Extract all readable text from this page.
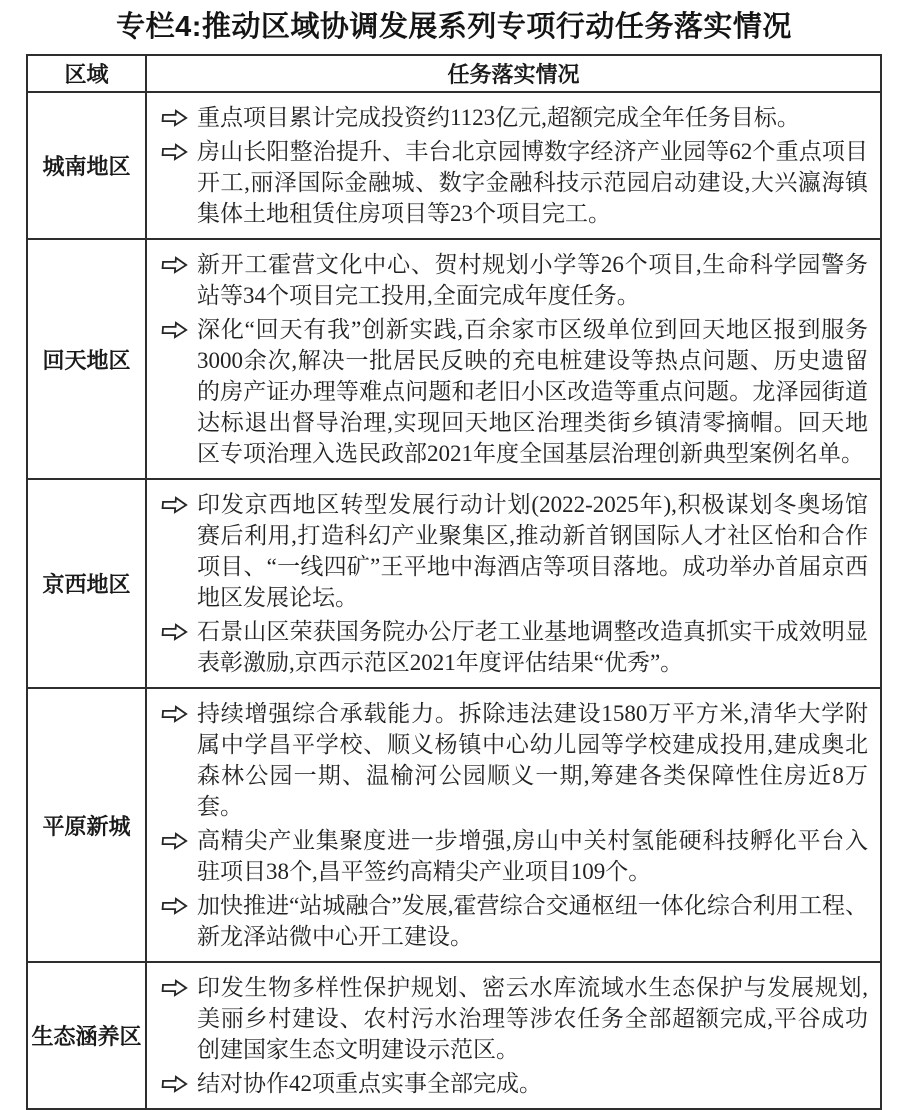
专栏4:推动区域协调发展系列专项行动任务落实情况
区域	任务落实情况
城南地区	重点项目累计完成投资约1123亿元,超额完成全年任务目标。
房山长阳整治提升、丰台北京园博数字经济产业园等62个重点项目开工,丽泽国际金融城、数字金融科技示范园启动建设,大兴瀛海镇集体土地租赁住房项目等23个项目完工。

回天地区	新开工霍营文化中心、贺村规划小学等26个项目,生命科学园警务站等34个项目完工投用,全面完成年度任务。
深化“回天有我”创新实践,百余家市区级单位到回天地区报到服务3000余次,解决一批居民反映的充电桩建设等热点问题、历史遗留的房产证办理等难点问题和老旧小区改造等重点问题。龙泽园街道达标退出督导治理,实现回天地区治理类街乡镇清零摘帽。回天地区专项治理入选民政部2021年度全国基层治理创新典型案例名单。

京西地区	印发京西地区转型发展行动计划(2022-2025年),积极谋划冬奥场馆赛后利用,打造科幻产业聚集区,推动新首钢国际人才社区怡和合作项目、“一线四矿”王平地中海酒店等项目落地。成功举办首届京西地区发展论坛。
石景山区荣获国务院办公厅老工业基地调整改造真抓实干成效明显表彰激励,京西示范区2021年度评估结果“优秀”。

平原新城	持续增强综合承载能力。拆除违法建设1580万平方米,清华大学附属中学昌平学校、顺义杨镇中心幼儿园等学校建成投用,建成奥北森林公园一期、温榆河公园顺义一期,筹建各类保障性住房近8万套。
高精尖产业集聚度进一步增强,房山中关村氢能硬科技孵化平台入驻项目38个,昌平签约高精尖产业项目109个。
加快推进“站城融合”发展,霍营综合交通枢纽一体化综合利用工程、新龙泽站微中心开工建设。

生态涵养区	印发生物多样性保护规划、密云水库流域水生态保护与发展规划,美丽乡村建设、农村污水治理等涉农任务全部超额完成,平谷成功创建国家生态文明建设示范区。
结对协作42项重点实事全部完成。
